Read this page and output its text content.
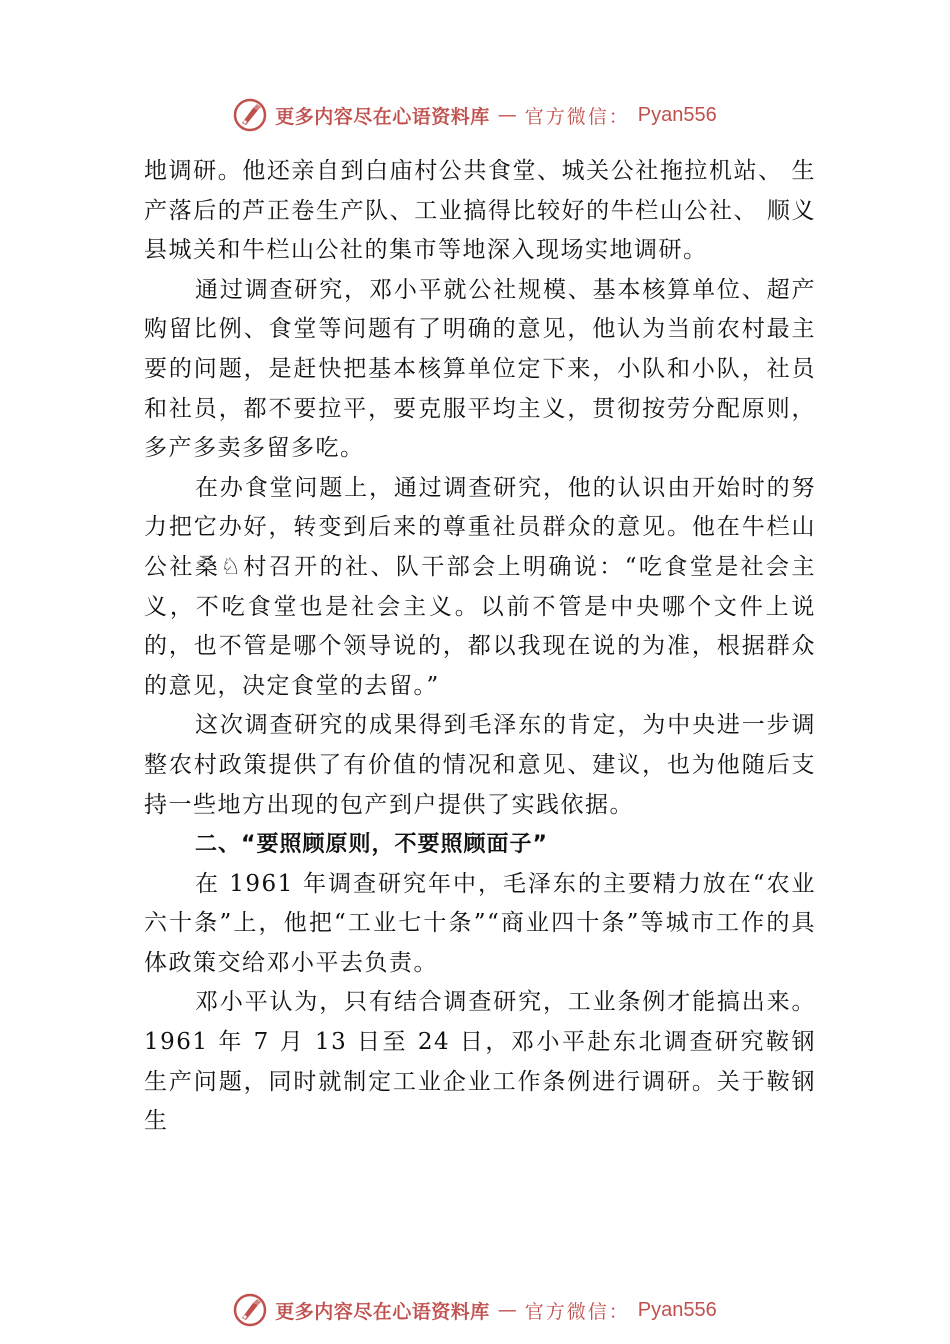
更多内容尽在心语资料库 — 官方微信： Pyan556

地调研。他还亲自到白庙村公共食堂、城关公社拖拉机站、 生产落后的芦正卷生产队、工业搞得比较好的牛栏山公社、 顺义县城关和牛栏山公社的集市等地深入现场实地调研。

通过调查研究，邓小平就公社规模、基本核算单位、超产购留比例、食堂等问题有了明确的意见，他认为当前农村最主要的问题，是赶快把基本核算单位定下来，小队和小队，社员和社员，都不要拉平，要克服平均主义，贯彻按劳分配原则，多产多卖多留多吃。

在办食堂问题上，通过调查研究，他的认识由开始时的努力把它办好，转变到后来的尊重社员群众的意见。他在牛栏山公社桑♘村召开的社、队干部会上明确说：“吃食堂是社会主义，不吃食堂也是社会主义。以前不管是中央哪个文件上说的，也不管是哪个领导说的，都以我现在说的为准，根据群众的意见，决定食堂的去留。”

这次调查研究的成果得到毛泽东的肯定，为中央进一步调整农村政策提供了有价值的情况和意见、建议，也为他随后支持一些地方出现的包产到户提供了实践依据。

二、“要照顾原则，不要照顾面子”

在 1961 年调查研究年中，毛泽东的主要精力放在“农业六十条”上，他把“工业七十条”“商业四十条”等城市工作的具体政策交给邓小平去负责。

邓小平认为，只有结合调查研究，工业条例才能搞出来。1961 年 7 月 13 日至 24 日，邓小平赴东北调查研究鞍钢生产问题，同时就制定工业企业工作条例进行调研。关于鞍钢生

更多内容尽在心语资料库 — 官方微信： Pyan556
